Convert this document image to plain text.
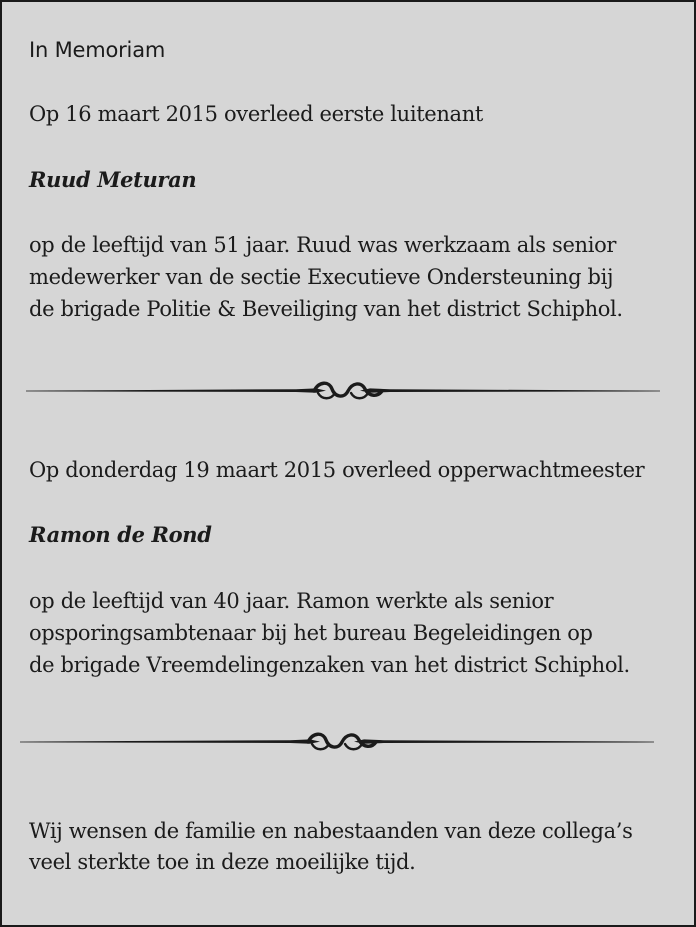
In Memoriam

Op 16 maart 2015 overleed eerste luitenant

Ruud Meturan

op de leeftijd van 51 jaar. Ruud was werkzaam als senior

medewerker van de sectie Executieve Ondersteuning bij

de brigade Politie & Beveiliging van het district Schiphol.

Op donderdag 19 maart 2015 overleed opperwachtmeester

Ramon de Rond

op de leeftijd van 40 jaar. Ramon werkte als senior

opsporingsambtenaar bij het bureau Begeleidingen op

de brigade Vreemdelingenzaken van het district Schiphol.

Wij wensen de familie en nabestaanden van deze collega’s

veel sterkte toe in deze moeilijke tijd.
